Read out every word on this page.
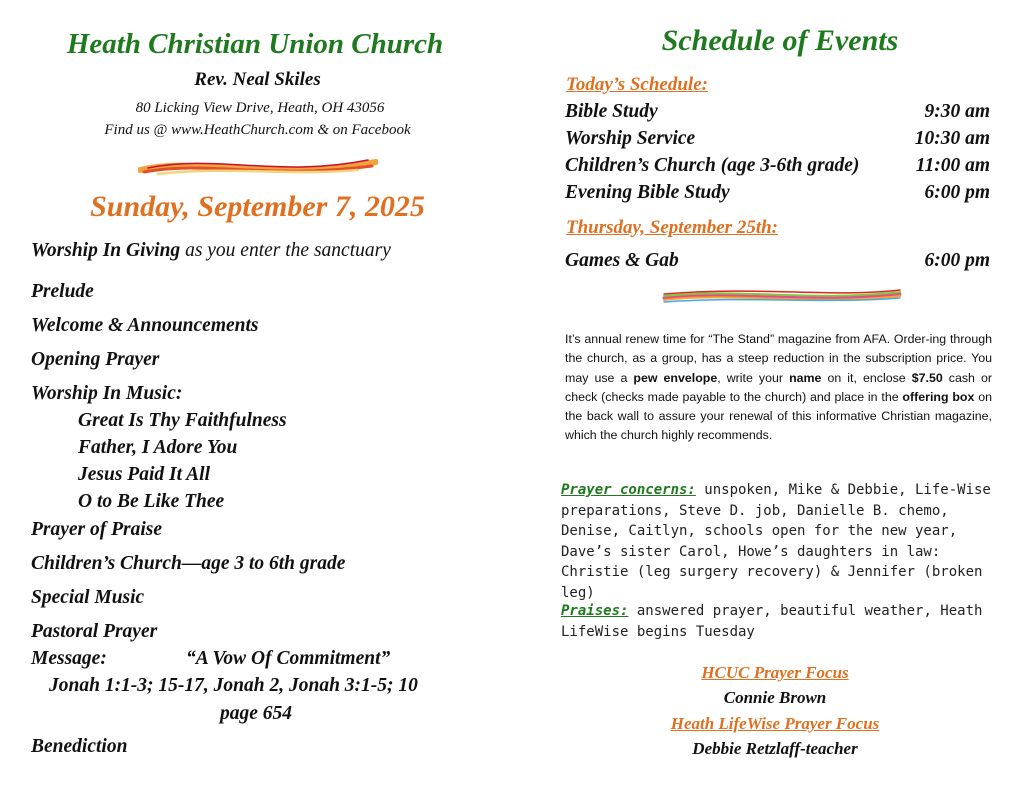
Heath Christian Union Church
Rev. Neal Skiles
80 Licking View Drive, Heath, OH 43056
Find us @ www.HeathChurch.com & on Facebook
Sunday, September 7, 2025
Worship In Giving as you enter the sanctuary
Prelude
Welcome & Announcements
Opening Prayer
Worship In Music:
Great Is Thy Faithfulness
Father, I Adore You
Jesus Paid It All
O to Be Like Thee
Prayer of Praise
Children’s Church—age 3 to 6th grade
Special Music
Pastoral Prayer
Message:	“A Vow Of Commitment”
Jonah 1:1-3; 15-17, Jonah 2, Jonah 3:1-5; 10
page 654
Benediction
Schedule of Events
Today’s Schedule:
Bible Study	9:30 am
Worship Service	10:30 am
Children’s Church (age 3-6th grade)	11:00 am
Evening Bible Study	6:00 pm
Thursday, September 25th:
Games & Gab	6:00 pm
It’s annual renew time for “The Stand” magazine from AFA. Order-ing through the church, as a group, has a steep reduction in the subscription price. You may use a pew envelope, write your name on it, enclose $7.50 cash or check (checks made payable to the church) and place in the offering box on the back wall to assure your renewal of this informative Christian magazine, which the church highly recommends.
Prayer concerns: unspoken, Mike & Debbie, Life-Wise preparations, Steve D. job, Danielle B. chemo, Denise, Caitlyn, schools open for the new year, Dave’s sister Carol, Howe’s daughters in law: Christie (leg surgery recovery) & Jennifer (broken leg)
Praises: answered prayer, beautiful weather, Heath LifeWise begins Tuesday
HCUC Prayer Focus
Connie Brown
Heath LifeWise Prayer Focus
Debbie Retzlaff-teacher
